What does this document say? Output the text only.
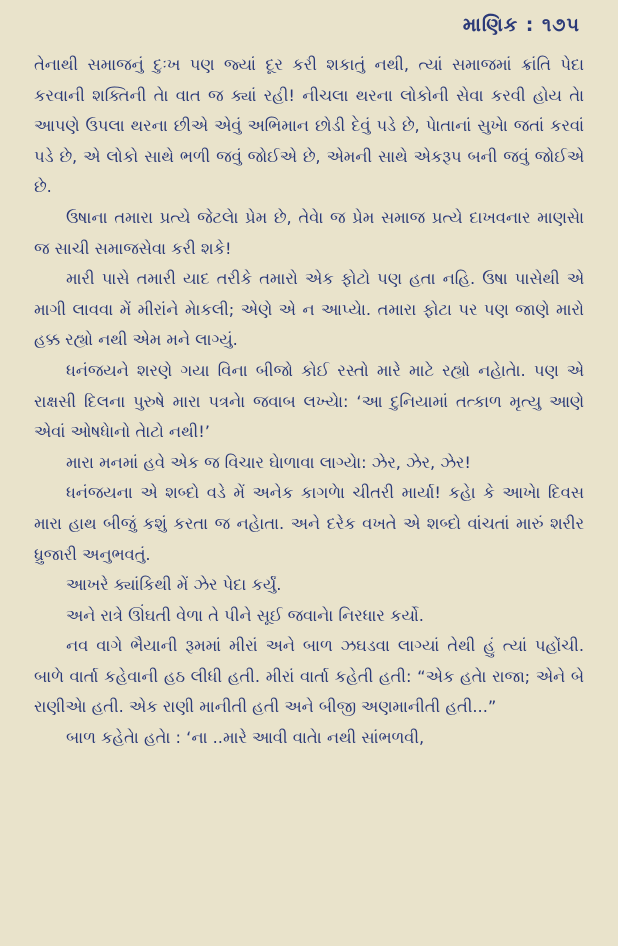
માણિક : ૧૭૫

તેનાથી સમાજનું દુઃખ પણ જ્યાં દૂર કરી શકાતું નથી, ત્યાં સમાજમાં ક્રાંતિ પેદા કરવાની શક્તિની તેા વાત જ ક્યાં રહી! નીચલા થરના લોકોની સેવા કરવી હોય તેા આપણે ઉપલા થરના છીએ એવું અભિમાન છોડી દેવું પડે છે, પેાતાનાં સુખેા જતાં કરવાં પડે છે, એ લોકો સાથે ભળી જવું જોઈએ છે, એમની સાથે એકરૂપ બની જવું જોઈએ છે.

ઉષાના તમારા પ્રત્યે જેટલેા પ્રેમ છે, તેવેા જ પ્રેમ સમાજ પ્રત્યે દાખવનાર માણસેા જ સાચી સમાજસેવા કરી શકે!

મારી પાસે તમારી યાદ તરીકે તમારો એક ફોટો પણ હતા નહિ. ઉષા પાસેથી એ માગી લાવવા મેં મીરાંને મેાકલી; એણે એ ન આપ્યેા. તમારા ફોટા પર પણ જાણે મારો હક્ક રહ્યો નથી એમ મને લાગ્યું.

ધનંજયને શરણે ગયા વિના બીજો કોઈ રસ્તો મારે માટે રહ્યો નહેાતેા. પણ એ રાક્ષસી દિલના પુરુષે મારા પત્રનેા જવાબ લખ્યેા: ‘આ દુનિયામાં તત્કાળ મૃત્યુ આણે એવાં ઓષધેાનો તેાટો નથી!’

મારા મનમાં હવે એક જ વિચાર ઘેાળાવા લાગ્યેા: ઝેર, ઝેર, ઝેર!

ધનંજયના એ શબ્દો વડે મેં અનેક કાગળેા ચીતરી માર્યા! કહેા કે આખેા દિવસ મારા હાથ બીજું કશું કરતા જ નહેાતા. અને દરેક વખતે એ શબ્દો વાંચતાં મારું શરીર ધ્રુજારી અનુભવતું.

આખરે ક્યાંકિથી મેં ઝેર પેદા કર્યું.

અને રાત્રે ઊંઘતી વેળા તે પીને સૂઈ જવાનેા નિરધાર કર્યો.

નવ વાગે ભૈયાની રૂમમાં મીરાં અને બાળ ઝઘડવા લાગ્યાં તેથી હું ત્યાં પહોંચી. બાળે વાર્તા કહેવાની હઠ લીધી હતી. મીરાં વાર્તા કહેતી હતી: “એક હતેા રાજા; એને બે રાણીએા હતી. એક રાણી માનીતી હતી અને બીજી અણમાનીતી હતી...”

બાળ કહેતેા હતેા : ‘ના ..મારે આવી વાતેા નથી સાંભળવી,
